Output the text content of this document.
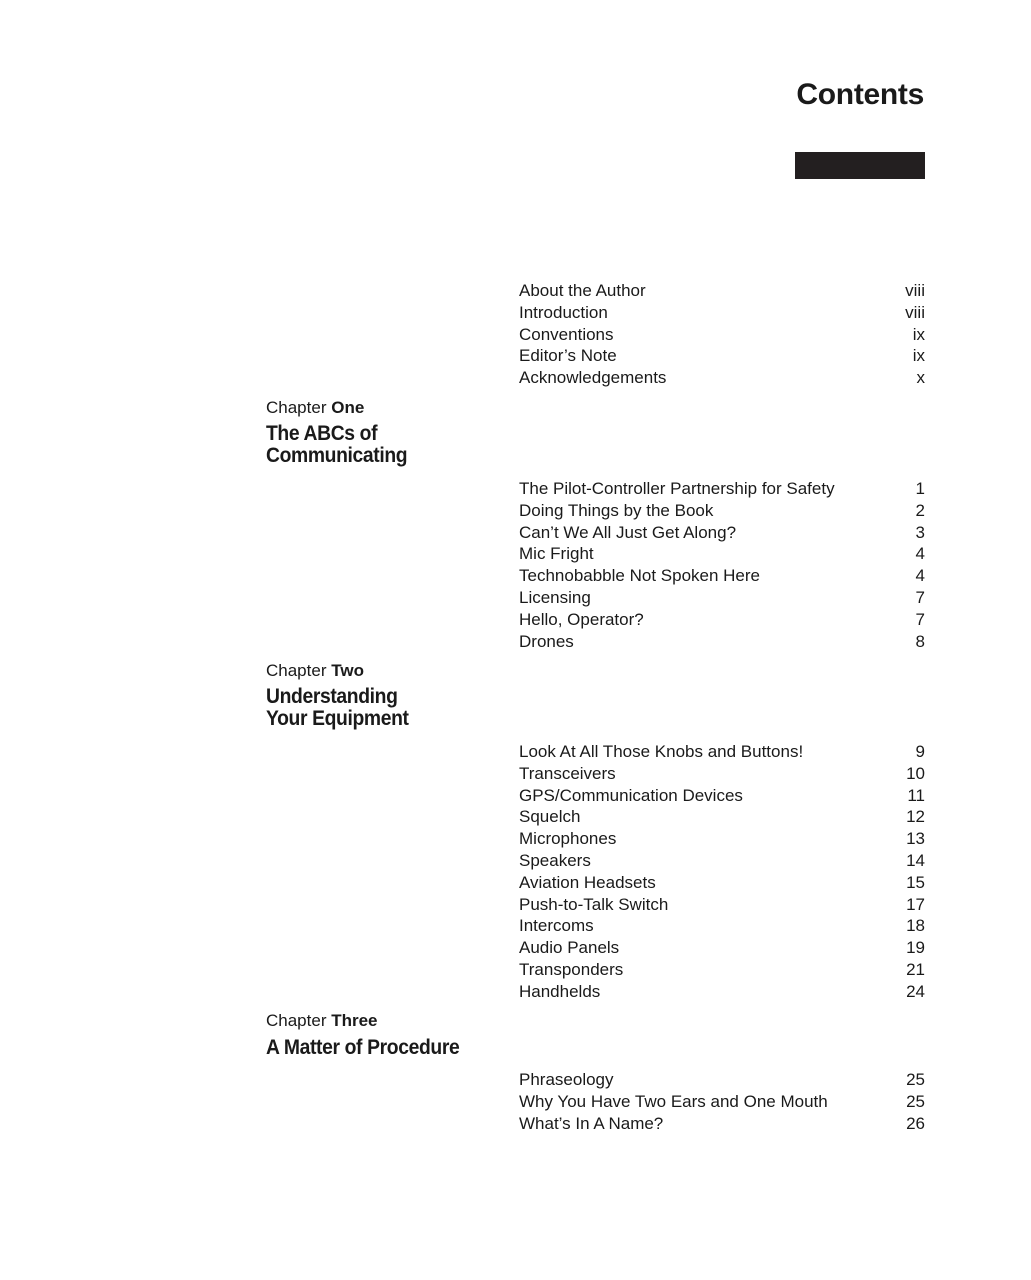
Contents
About the Author	viii
Introduction	viii
Conventions	ix
Editor’s Note	ix
Acknowledgements	x
Chapter One
The ABCs of
Communicating
The Pilot-Controller Partnership for Safety	1
Doing Things by the Book	2
Can’t We All Just Get Along?	3
Mic Fright	4
Technobabble Not Spoken Here	4
Licensing	7
Hello, Operator?	7
Drones	8
Chapter Two
Understanding
Your Equipment
Look At All Those Knobs and Buttons!	9
Transceivers	10
GPS/Communication Devices	11
Squelch	12
Microphones	13
Speakers	14
Aviation Headsets	15
Push-to-Talk Switch	17
Intercoms	18
Audio Panels	19
Transponders	21
Handhelds	24
Chapter Three
A Matter of Procedure
Phraseology	25
Why You Have Two Ears and One Mouth	25
What’s In A Name?	26
